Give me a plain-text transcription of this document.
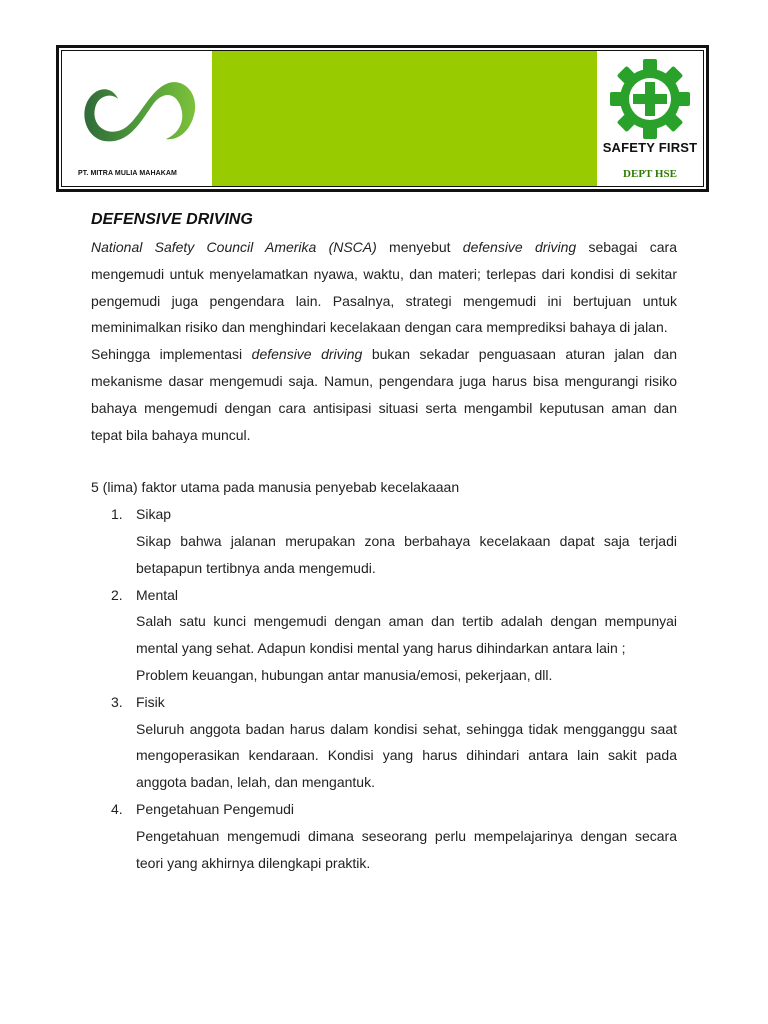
PT. MITRA MULIA MAHAKAM
SAFETY FIRST
DEPT HSE
DEFENSIVE DRIVING

National Safety Council Amerika (NSCA) menyebut defensive driving sebagai cara mengemudi untuk menyelamatkan nyawa, waktu, dan materi; terlepas dari kondisi di sekitar pengemudi juga pengendara lain. Pasalnya, strategi mengemudi ini bertujuan untuk meminimalkan risiko dan menghindari kecelakaan dengan cara memprediksi bahaya di jalan.

Sehingga implementasi defensive driving bukan sekadar penguasaan aturan jalan dan mekanisme dasar mengemudi saja. Namun, pengendara juga harus bisa mengurangi risiko bahaya mengemudi dengan cara antisipasi situasi serta mengambil keputusan aman dan tepat bila bahaya muncul.

5 (lima) faktor utama pada manusia penyebab kecelakaaan

1. Sikap
Sikap bahwa jalanan merupakan zona berbahaya kecelakaan dapat saja terjadi betapapun tertibnya anda mengemudi.
2. Mental
Salah satu kunci mengemudi dengan aman dan tertib adalah dengan mempunyai mental yang sehat. Adapun kondisi mental yang harus dihindarkan antara lain ;
Problem keuangan, hubungan antar manusia/emosi, pekerjaan, dll.
3. Fisik
Seluruh anggota badan harus dalam kondisi sehat, sehingga tidak mengganggu saat mengoperasikan kendaraan. Kondisi yang harus dihindari antara lain sakit pada anggota badan, lelah, dan mengantuk.
4. Pengetahuan Pengemudi
Pengetahuan mengemudi dimana seseorang perlu mempelajarinya dengan secara teori yang akhirnya dilengkapi praktik.
